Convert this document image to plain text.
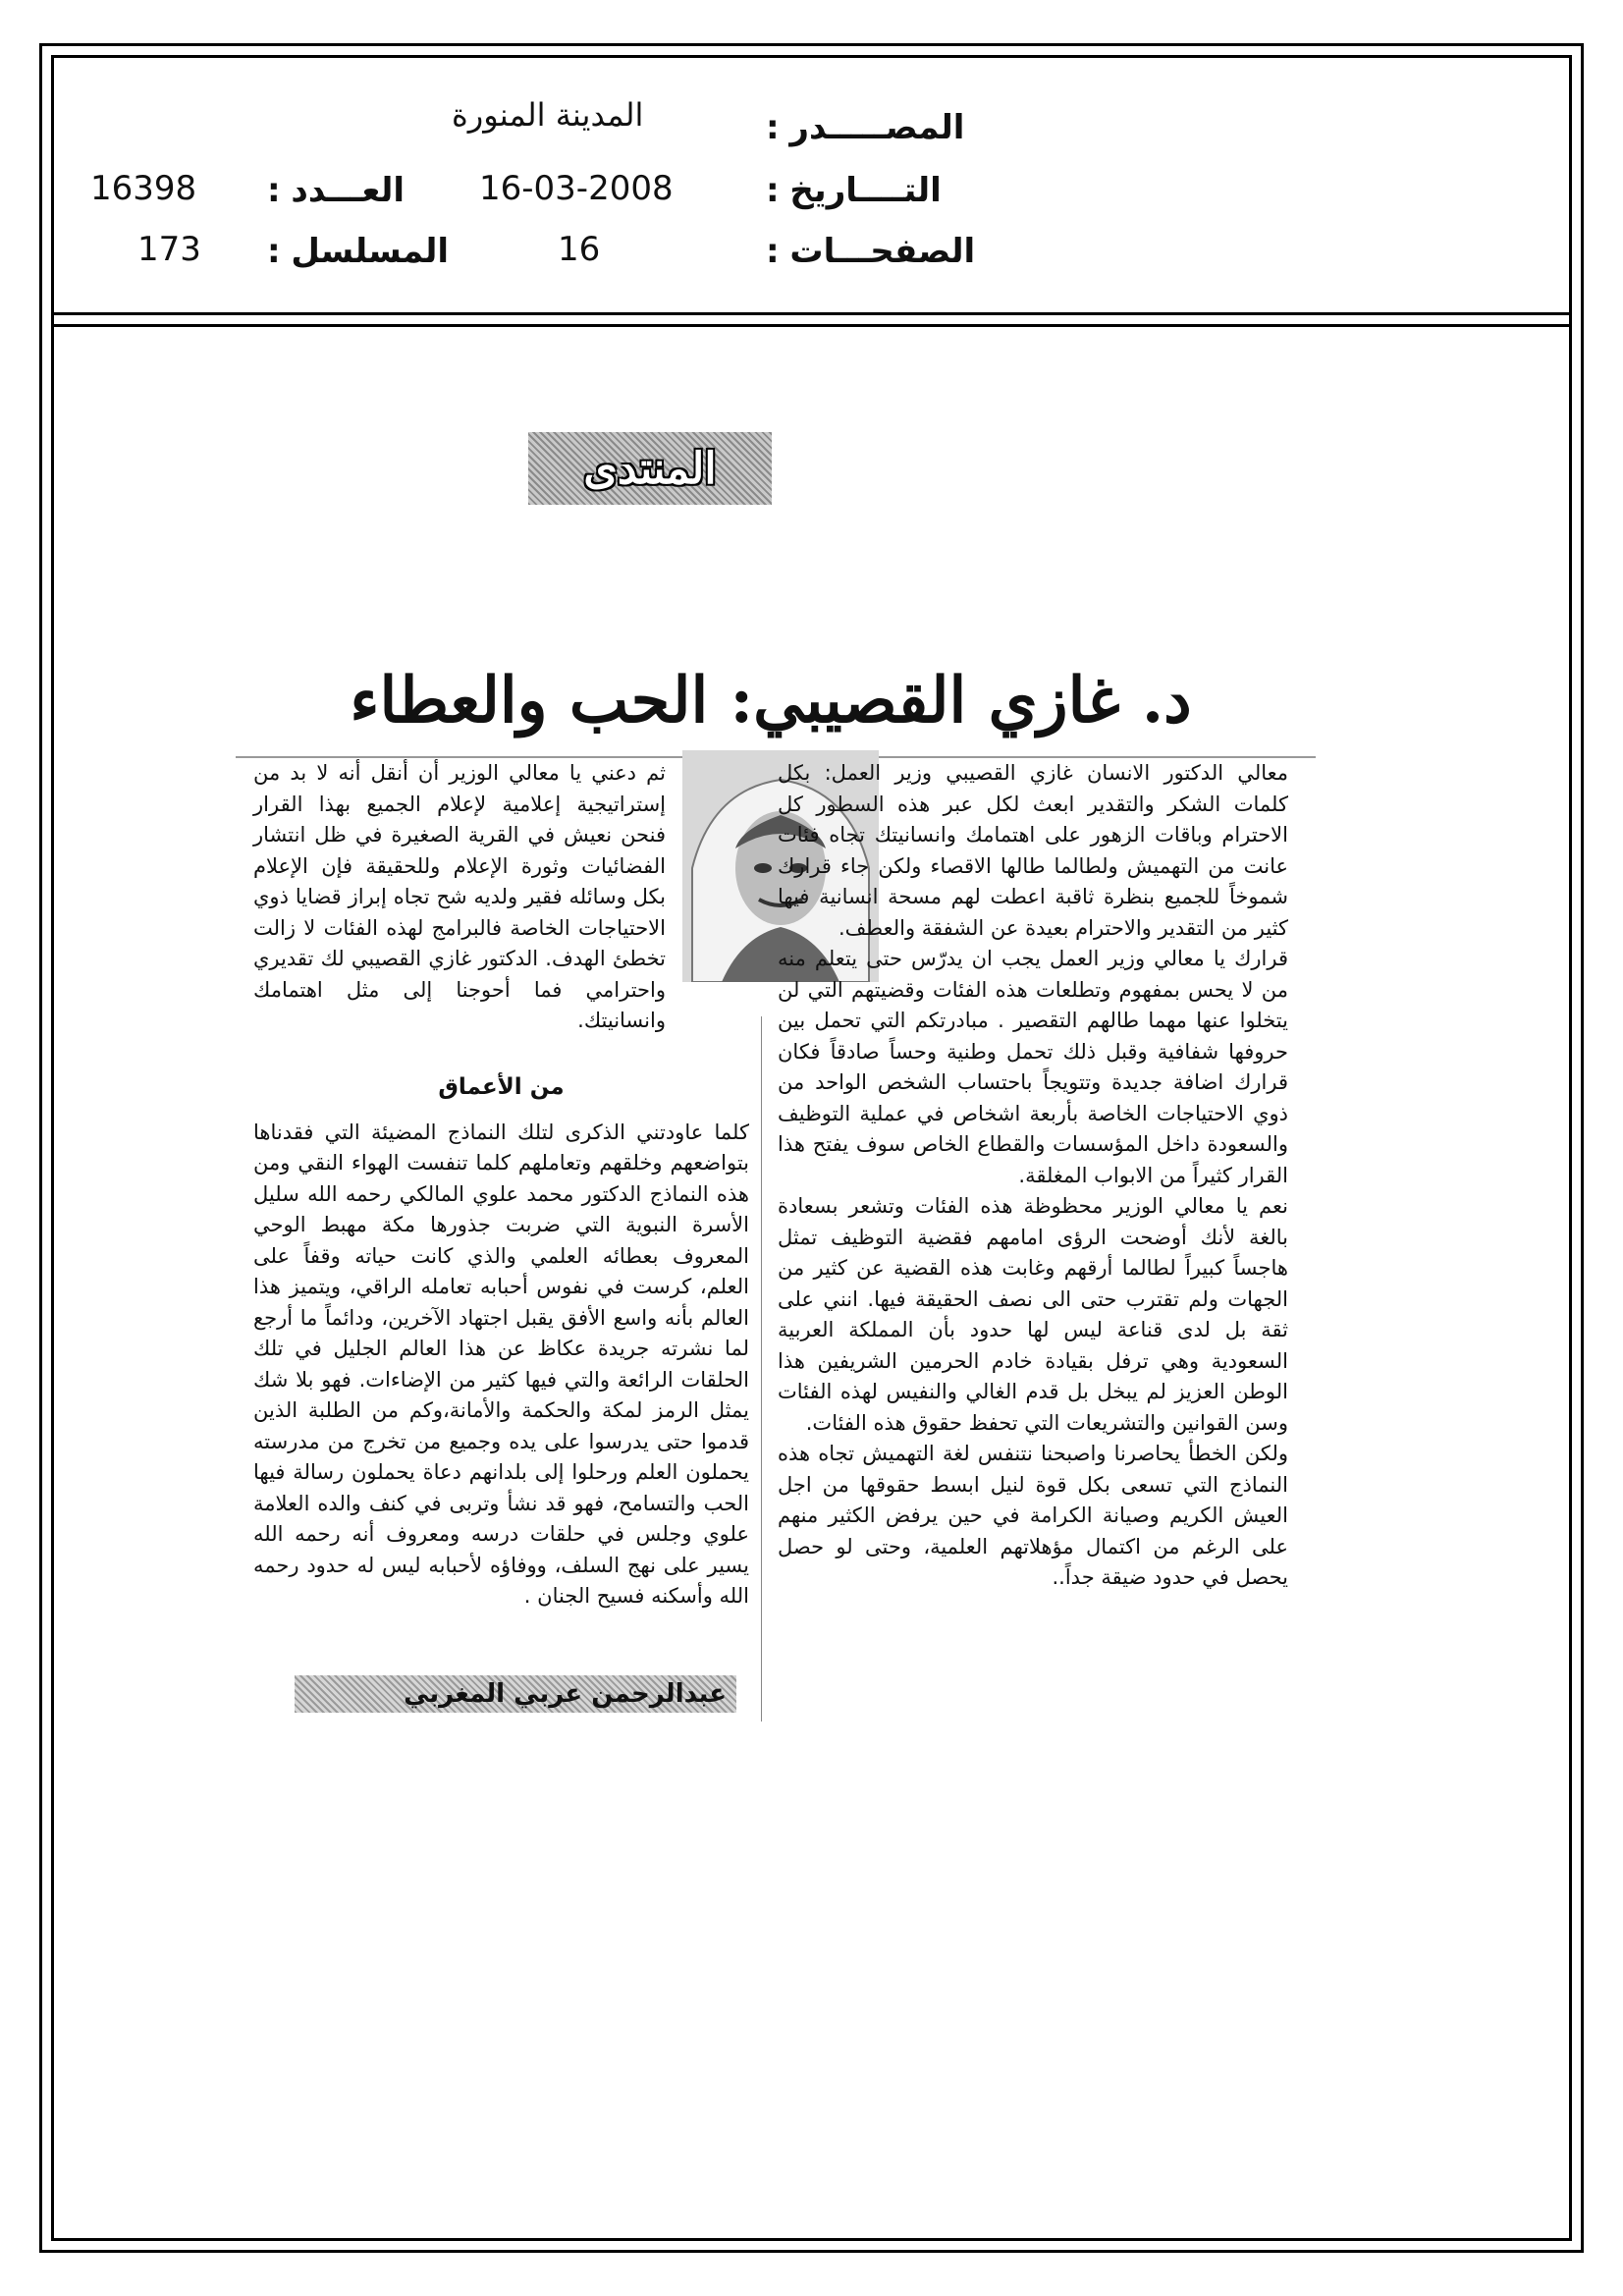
المصـــــدر :
المدينة المنورة
التــــاريخ :
16-03-2008
العـــدد :
16398
الصفحـــات :
16
المسلسل :
173
المنتدى
د. غازي القصيبي: الحب والعطاء

معالي الدكتور الانسان غازي القصيبي وزير العمل: بكل كلمات الشكر والتقدير ابعث لكل عبر هذه السطور كل الاحترام وباقات الزهور على اهتمامك وانسانيتك تجاه فئات عانت من التهميش ولطالما طالها الاقصاء ولكن جاء قرارك شموخاً للجميع بنظرة ثاقبة اعطت لهم مسحة انسانية فيها كثير من التقدير والاحترام بعيدة عن الشفقة والعطف.

قرارك يا معالي وزير العمل يجب ان يدرّس حتى يتعلم منه من لا يحس بمفهوم وتطلعات هذه الفئات وقضيتهم التي لن يتخلوا عنها مهما طالهم التقصير . مبادرتكم التي تحمل بين حروفها شفافية وقبل ذلك تحمل وطنية وحساً صادقاً فكان قرارك اضافة جديدة وتتويجاً باحتساب الشخص الواحد من ذوي الاحتياجات الخاصة بأربعة اشخاص في عملية التوظيف والسعودة داخل المؤسسات والقطاع الخاص سوف يفتح هذا القرار كثيراً من الابواب المغلقة.

نعم يا معالي الوزير محظوظة هذه الفئات وتشعر بسعادة بالغة لأنك أوضحت الرؤى امامهم فقضية التوظيف تمثل هاجساً كبيراً لطالما أرقهم وغابت هذه القضية عن كثير من الجهات ولم تقترب حتى الى نصف الحقيقة فيها. انني على ثقة بل لدى قناعة ليس لها حدود بأن المملكة العربية السعودية وهي ترفل بقيادة خادم الحرمين الشريفين هذا الوطن العزيز لم يبخل بل قدم الغالي والنفيس لهذه الفئات وسن القوانين والتشريعات التي تحفظ حقوق هذه الفئات.

ولكن الخطأ يحاصرنا واصبحنا نتنفس لغة التهميش تجاه هذه النماذج التي تسعى بكل قوة لنيل ابسط حقوقها من اجل العيش الكريم وصيانة الكرامة في حين يرفض الكثير منهم على الرغم من اكتمال مؤهلاتهم العلمية، وحتى لو حصل يحصل في حدود ضيقة جداً..

ثم دعني يا معالي الوزير أن أنقل أنه لا بد من إستراتيجية إعلامية لإعلام الجميع بهذا القرار فنحن نعيش في القرية الصغيرة في ظل انتشار الفضائيات وثورة الإعلام وللحقيقة فإن الإعلام بكل وسائله فقير ولديه شح تجاه إبراز قضايا ذوي الاحتياجات الخاصة فالبرامج لهذه الفئات لا زالت تخطئ الهدف. الدكتور غازي القصيبي لك تقديري واحترامي فما أحوجنا إلى مثل اهتمامك وانسانيتك.

من الأعماق

كلما عاودتني الذكرى لتلك النماذج المضيئة التي فقدناها بتواضعهم وخلقهم وتعاملهم كلما تنفست الهواء النقي ومن هذه النماذج الدكتور محمد علوي المالكي رحمه الله سليل الأسرة النبوية التي ضربت جذورها مكة مهبط الوحي المعروف بعطائه العلمي والذي كانت حياته وقفاً على العلم، كرست في نفوس أحبابه تعامله الراقي، ويتميز هذا العالم بأنه واسع الأفق يقبل اجتهاد الآخرين، ودائماً ما أرجع لما نشرته جريدة عكاظ عن هذا العالم الجليل في تلك الحلقات الرائعة والتي فيها كثير من الإضاءات. فهو بلا شك يمثل الرمز لمكة والحكمة والأمانة،وكم من الطلبة الذين قدموا حتى يدرسوا على يده وجميع من تخرج من مدرسته يحملون العلم ورحلوا إلى بلدانهم دعاة يحملون رسالة فيها الحب والتسامح، فهو قد نشأ وتربى في كنف والده العلامة علوي وجلس في حلقات درسه ومعروف أنه رحمه الله يسير على نهج السلف، ووفاؤه لأحبابه ليس له حدود رحمه الله وأسكنه فسيح الجنان .

عبدالرحمن عربي المغربي
